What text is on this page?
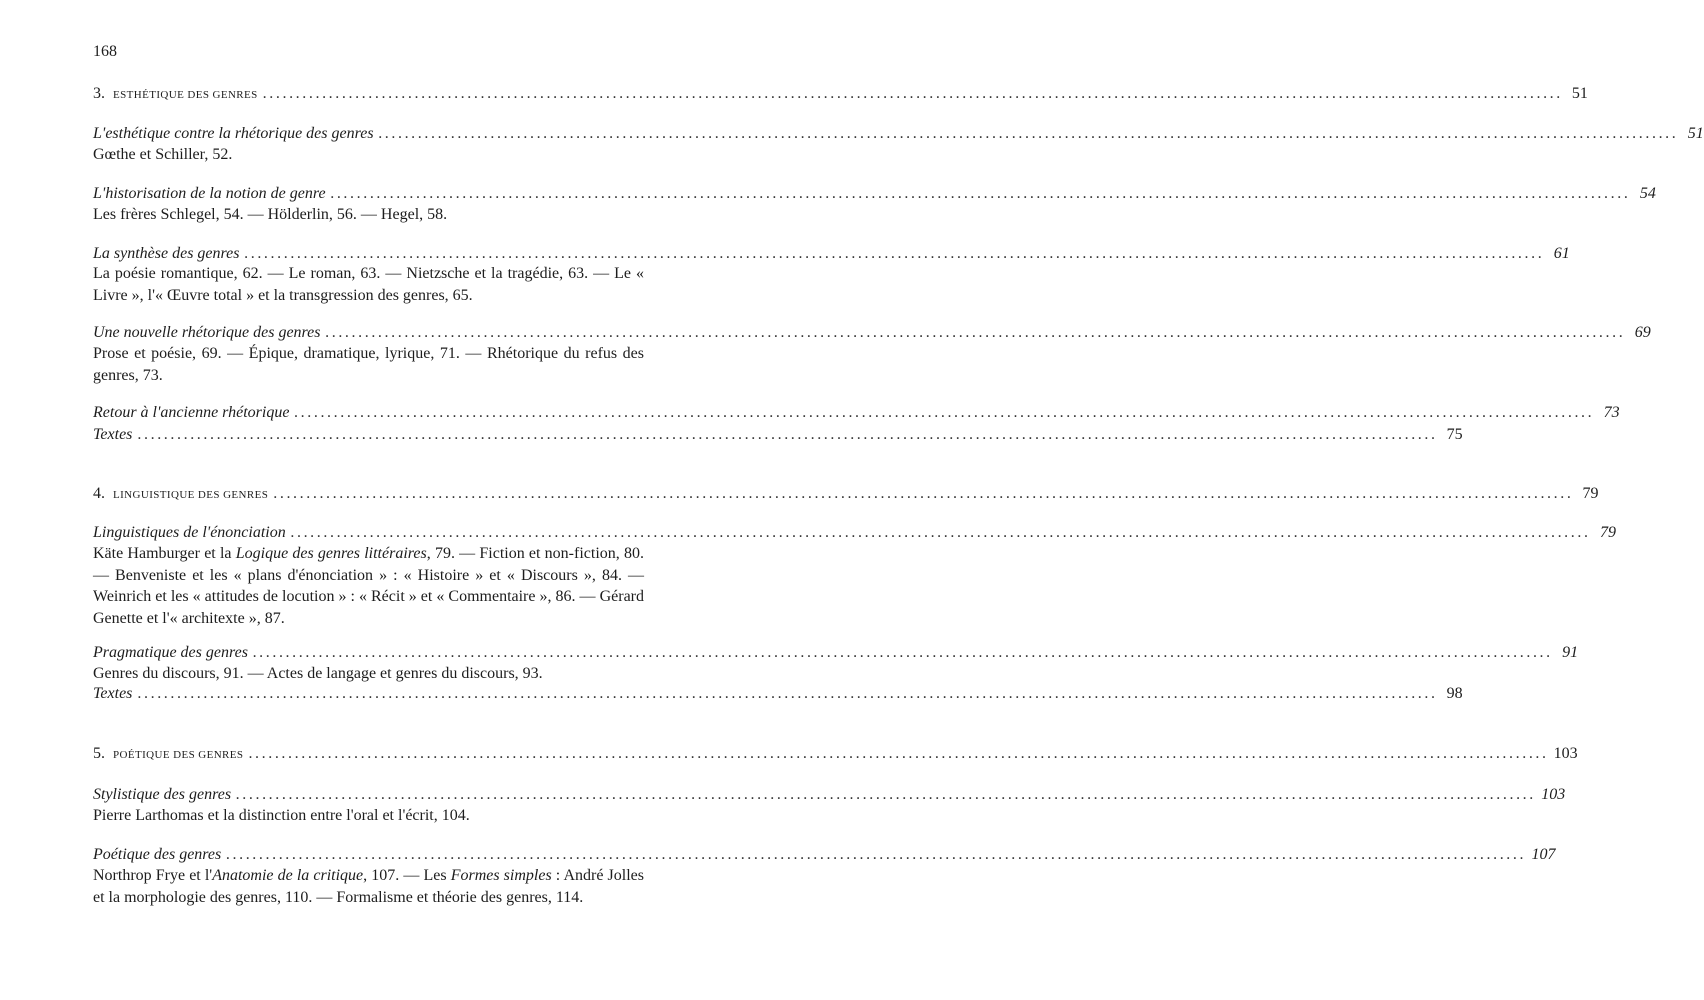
168
3. ESTHÉTIQUE DES GENRES ..................................................................................................................................................................................................... 51
L'esthétique contre la rhétorique des genres ..................................................................................................................................................................................................... 51
Gœthe et Schiller, 52.
L'historisation de la notion de genre ..................................................................................................................................................................................................... 54
Les frères Schlegel, 54. — Hölderlin, 56. — Hegel, 58.
La synthèse des genres ..................................................................................................................................................................................................... 61
La poésie romantique, 62. — Le roman, 63. — Nietzsche et la tragédie, 63. — Le « Livre », l'« Œuvre total » et la transgression des genres, 65.
Une nouvelle rhétorique des genres ..................................................................................................................................................................................................... 69
Prose et poésie, 69. — Épique, dramatique, lyrique, 71. — Rhétorique du refus des genres, 73.
Retour à l'ancienne rhétorique ..................................................................................................................................................................................................... 73
Textes ..................................................................................................................................................................................................... 75
4. LINGUISTIQUE DES GENRES ..................................................................................................................................................................................................... 79
Linguistiques de l'énonciation ..................................................................................................................................................................................................... 79
Käte Hamburger et la Logique des genres littéraires, 79. — Fiction et non-fiction, 80. — Benveniste et les « plans d'énonciation » : « Histoire » et « Discours », 84. — Weinrich et les « attitudes de locution » : « Récit » et « Commentaire », 86. — Gérard Genette et l'« architexte », 87.
Pragmatique des genres ..................................................................................................................................................................................................... 91
Genres du discours, 91. — Actes de langage et genres du discours, 93.
Textes ..................................................................................................................................................................................................... 98
5. POÉTIQUE DES GENRES ..................................................................................................................................................................................................... 103
Stylistique des genres ..................................................................................................................................................................................................... 103
Pierre Larthomas et la distinction entre l'oral et l'écrit, 104.
Poétique des genres ..................................................................................................................................................................................................... 107
Northrop Frye et l'Anatomie de la critique, 107. — Les Formes simples : André Jolles et la morphologie des genres, 110. — Formalisme et théorie des genres, 114.
